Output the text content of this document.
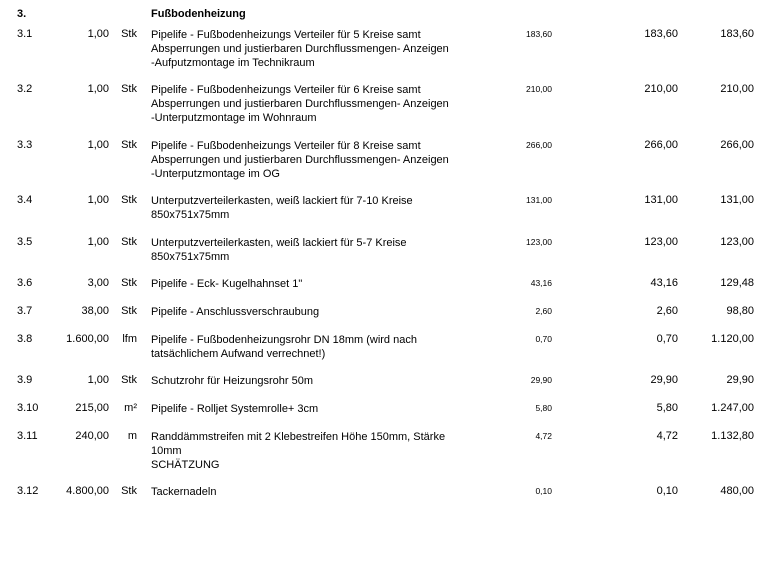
3.	Fußbodenheizung
3.1	1,00 Stk Pipelife - Fußbodenheizungs Verteiler für 5 Kreise samt
Absperrungen und justierbaren Durchflussmengen- Anzeigen
-Aufputzmontage im Technikraum
183,60	183,60	183,60
3.2	1,00 Stk Pipelife - Fußbodenheizungs Verteiler für 6 Kreise samt
Absperrungen und justierbaren Durchflussmengen- Anzeigen
-Unterputzmontage im Wohnraum
210,00	210,00	210,00
3.3	1,00 Stk Pipelife - Fußbodenheizungs Verteiler für 8 Kreise samt
Absperrungen und justierbaren Durchflussmengen- Anzeigen
-Unterputzmontage im OG
266,00	266,00	266,00
3.4	1,00 Stk Unterputzverteilerkasten, weiß lackiert für 7-10 Kreise
850x751x75mm
131,00	131,00	131,00
3.5	1,00 Stk Unterputzverteilerkasten, weiß lackiert für 5-7 Kreise
850x751x75mm
123,00	123,00	123,00
3.6	3,00 Stk Pipelife - Eck- Kugelhahnset 1"	43,16	43,16	129,48
3.7	38,00 Stk Pipelife - Anschlussverschraubung	2,60	2,60	98,80
3.8	1.600,00 lfm Pipelife - Fußbodenheizungsrohr DN 18mm (wird nach
tatsächlichem Aufwand verrechnet!)
0,70	0,70	1.120,00
3.9	1,00 Stk Schutzrohr für Heizungsrohr 50m	29,90	29,90	29,90
3.10	215,00 m² Pipelife - Rolljet Systemrolle+ 3cm	5,80	5,80	1.247,00
3.11	240,00 m Randdämmstreifen mit 2 Klebestreifen Höhe 150mm, Stärke
10mm
SCHÄTZUNG
4,72	4,72	1.132,80
3.12	4.800,00 Stk Tackernadeln	0,10	0,10	480,00
